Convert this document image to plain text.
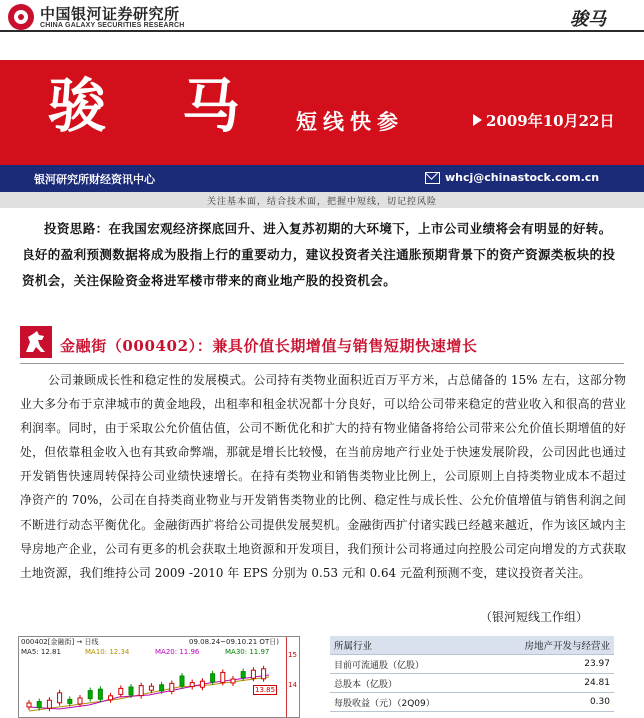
中国银河证券研究所
CHINA GALAXY SECURITIES RESEARCH	骏马
骏 马	短线快参	2009年10月22日
银河研究所财经资讯中心	whcj@chinastock.com.cn
关注基本面，结合技术面，把握中短线，切记控风险
投资思路：在我国宏观经济探底回升、进入复苏初期的大环境下，上市公司业绩将会有明显的好转。良好的盈利预测数据将成为股指上行的重要动力，建议投资者关注通胀预期背景下的资产资源类板块的投资机会，关注保险资金将进军楼市带来的商业地产股的投资机会。
金融街（000402）：兼具价值长期增值与销售短期快速增长
公司兼顾成长性和稳定性的发展模式。公司持有类物业面积近百万平方米，占总储备的 15% 左右，这部分物业大多分布于京津城市的黄金地段，出租率和租金状况都十分良好，可以给公司带来稳定的营业收入和很高的营业利润率。同时，由于采取公允价值估值，公司不断优化和扩大的持有物业储备将给公司带来公允价值长期增值的好处，但依靠租金收入也有其致命弊端，那就是增长比较慢，在当前房地产行业处于快速发展阶段，公司因此也通过开发销售快速周转保持公司业绩快速增长。在持有类物业和销售类物业比例上，公司原则上自持类物业成本不超过净资产的 70%，公司在自持类商业物业与开发销售类物业的比例、稳定性与成长性、公允价值增值与销售利润之间不断进行动态平衡优化。金融街西扩将给公司提供发展契机。金融街西扩付诸实践已经越来越近，作为该区域内主导房地产企业，公司有更多的机会获取土地资源和开发项目，我们预计公司将通过向控股公司定向增发的方式获取土地资源，我们维持公司 2009 -2010 年 EPS 分别为 0.53 元和 0.64 元盈利预测不变，建议投资者关注。
（银河短线工作组）
000402[金融街] → 日线	09.08.24~09.10.21 OT日)
MA5: 12.81	MA10: 12.34	MA20: 11.96	MA30: 11.97	15
14
13.85
所属行业	房地产开发与经营业
目前可流通股（亿股）	23.97
总股本（亿股）	24.81
每股收益（元）（2Q09）	0.30
